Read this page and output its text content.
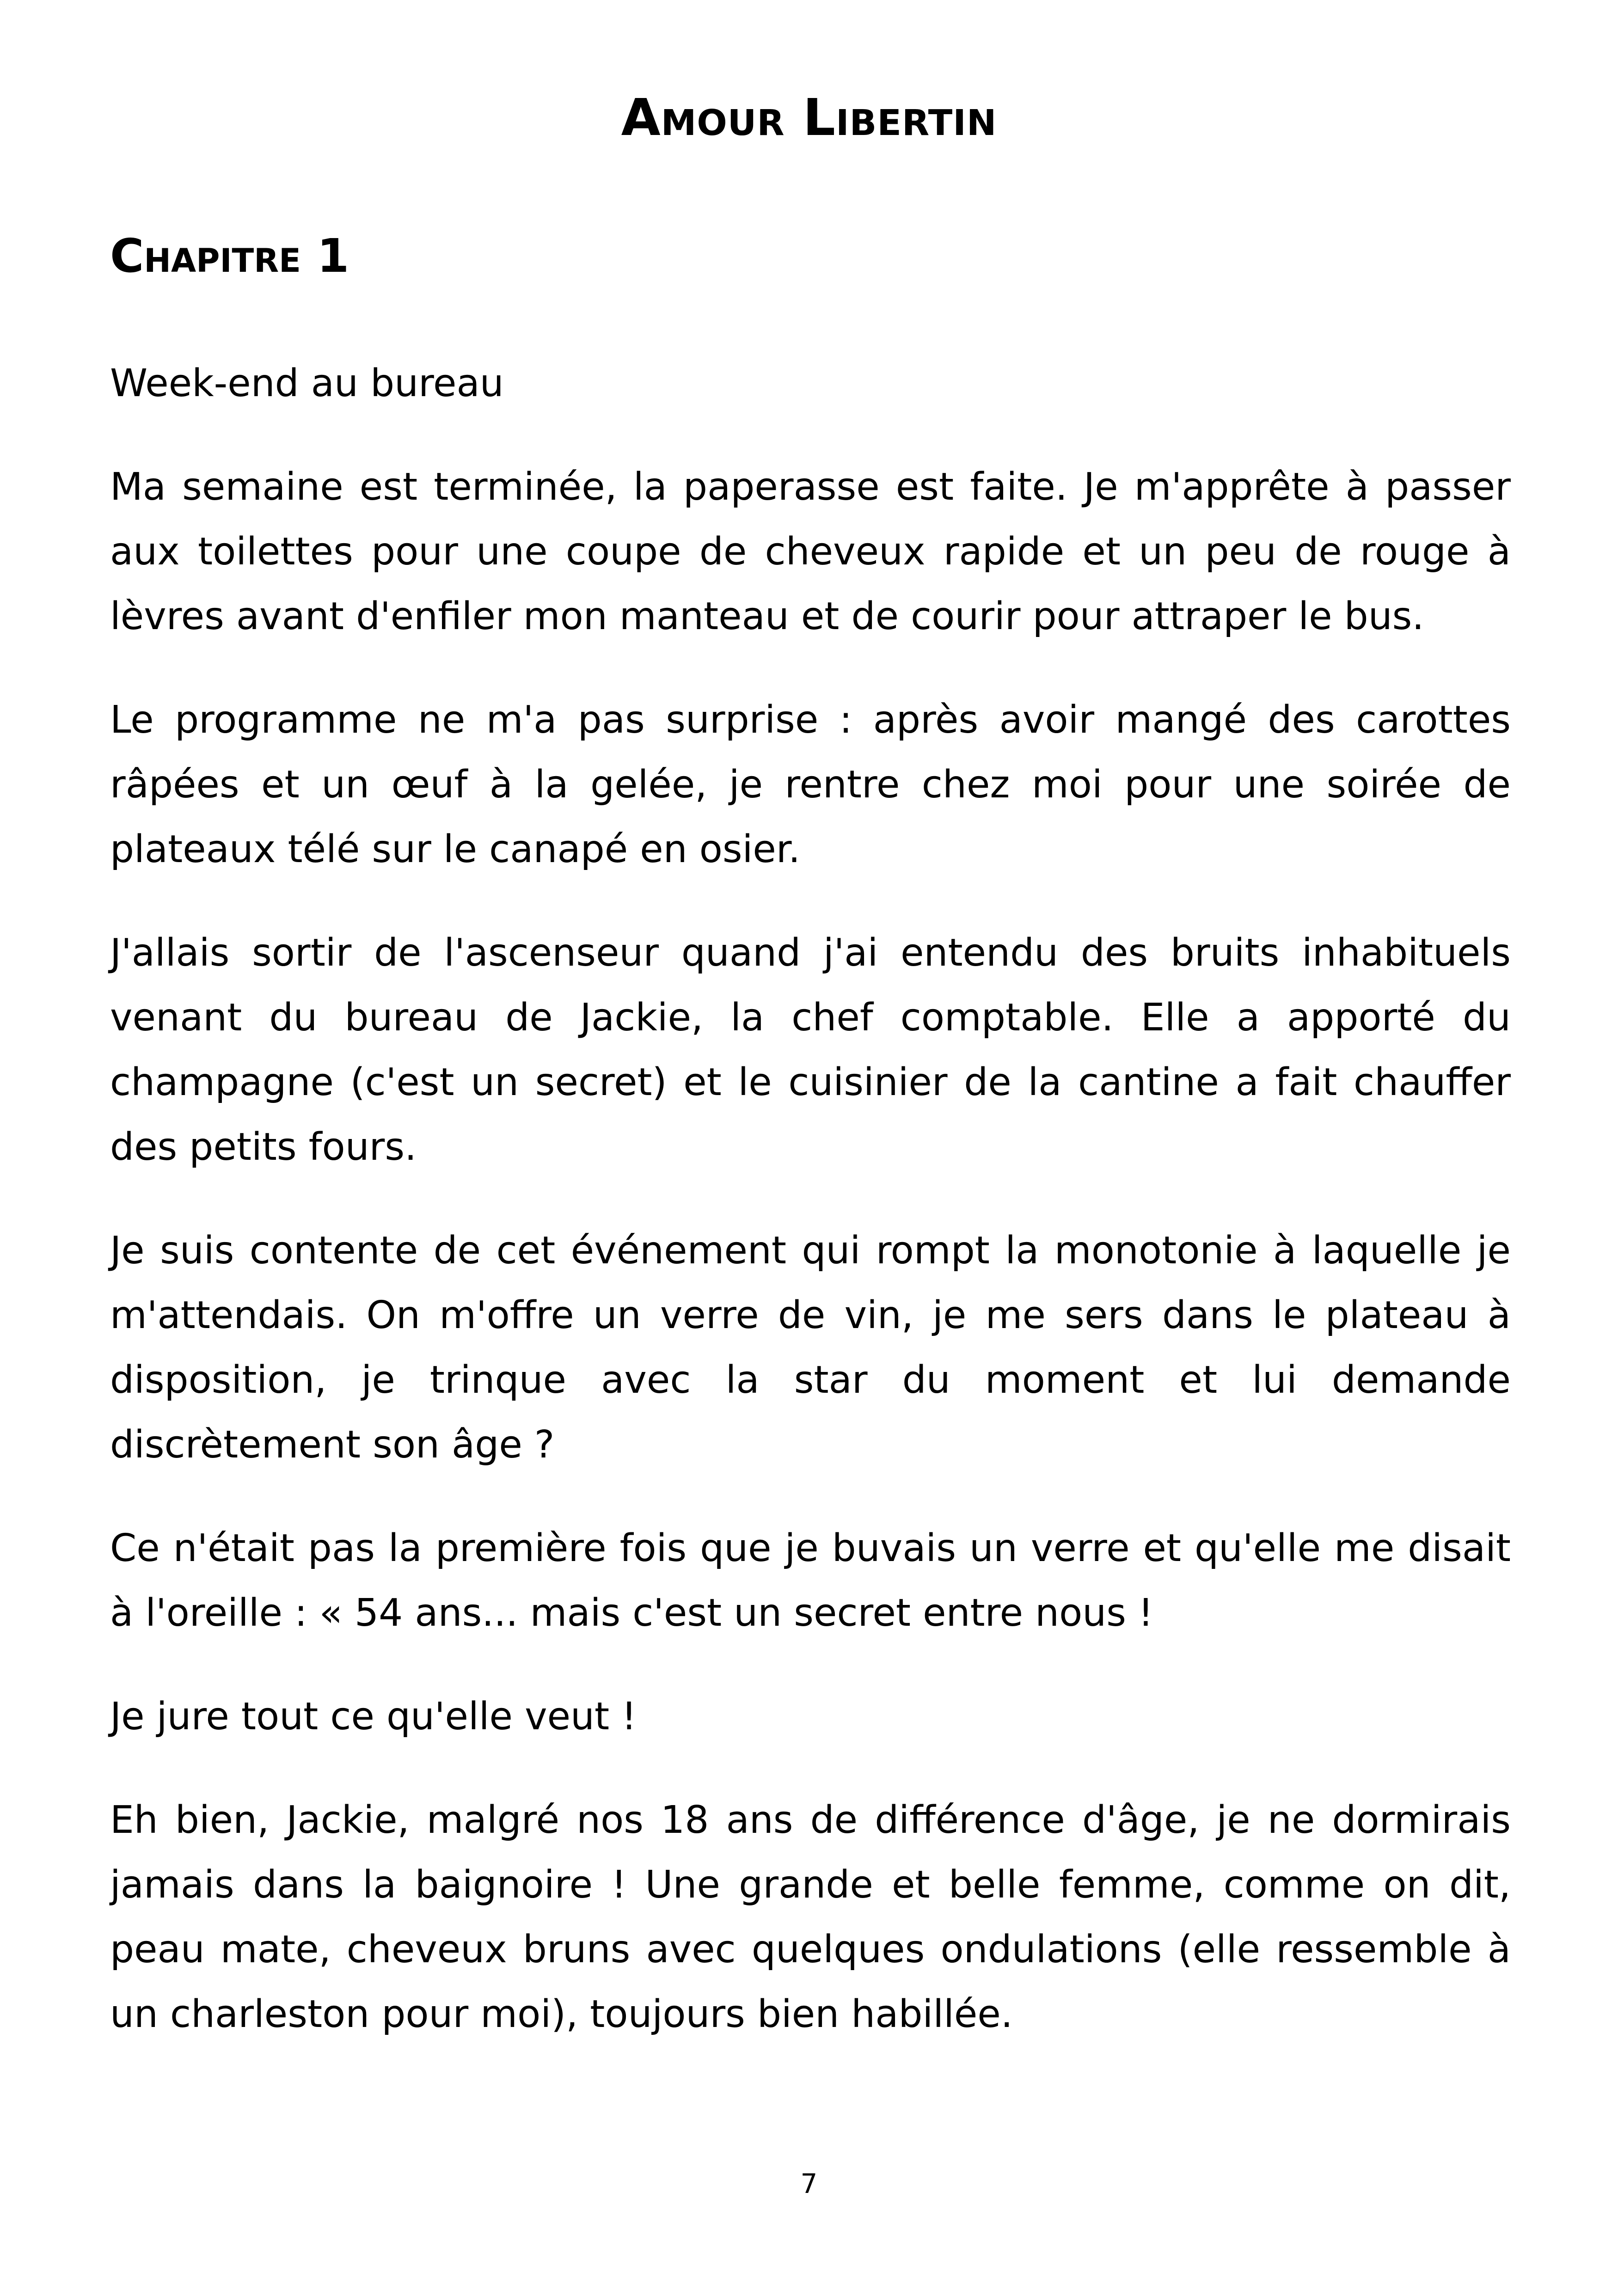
Amour Libertin
Chapitre 1

Week-end au bureau

Ma semaine est terminée, la paperasse est faite. Je m'apprête à passer aux toilettes pour une coupe de cheveux rapide et un peu de rouge à lèvres avant d'enfiler mon manteau et de courir pour attraper le bus.

Le programme ne m'a pas surprise : après avoir mangé des carottes râpées et un œuf à la gelée, je rentre chez moi pour une soirée de plateaux télé sur le canapé en osier.

J'allais sortir de l'ascenseur quand j'ai entendu des bruits inhabituels venant du bureau de Jackie, la chef comptable. Elle a apporté du champagne (c'est un secret) et le cuisinier de la cantine a fait chauffer des petits fours.

Je suis contente de cet événement qui rompt la monotonie à laquelle je m'attendais. On m'offre un verre de vin, je me sers dans le plateau à disposition, je trinque avec la star du moment et lui demande discrètement son âge ?

Ce n'était pas la première fois que je buvais un verre et qu'elle me disait à l'oreille : « 54 ans... mais c'est un secret entre nous !

Je jure tout ce qu'elle veut !

Eh bien, Jackie, malgré nos 18 ans de différence d'âge, je ne dormirais jamais dans la baignoire ! Une grande et belle femme, comme on dit, peau mate, cheveux bruns avec quelques ondulations (elle ressemble à un charleston pour moi), toujours bien habillée.

7
